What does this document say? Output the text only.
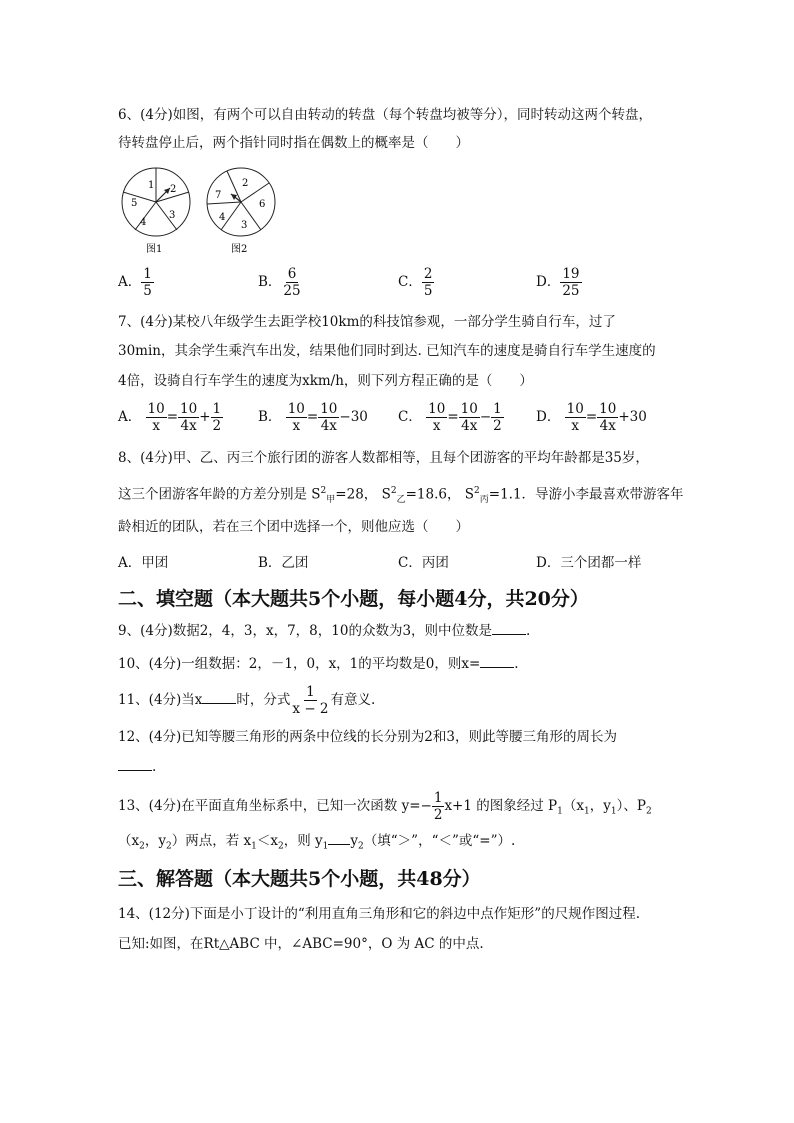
6、(4分)如图，有两个可以自由转动的转盘（每个转盘均被等分），同时转动这两个转盘，
待转盘停止后，两个指针同时指在偶数上的概率是（　　）
1 2
3
4
5
图1
2
6
3
4
7
图2
A． $\frac{1}{5}$	B． $\frac{6}{25}$	C． $\frac{2}{5}$	D． $\frac{19}{25}$
7、(4分)某校八年级学生去距学校10km的科技馆参观，一部分学生骑自行车，过了
30min，其余学生乘汽车出发，结果他们同时到达. 已知汽车的速度是骑自行车学生速度的
4倍，设骑自行车学生的速度为xkm/h，则下列方程正确的是（　　）
A． $\frac{10}{x} = \frac{10}{4x} + \frac{1}{2}$	B． $\frac{10}{x} = \frac{10}{4x} -30$ C． $\frac{10}{x} = \frac{10}{4x} - \frac{1}{2}$ D． $\frac{10}{x} = \frac{10}{4x} +30$
8、(4分)甲、乙、丙三个旅行团的游客人数都相等，且每个团游客的平均年龄都是35岁，
这三个团游客年龄的方差分别是 $S^2_甲=28$， $S^2_乙=18.6$， $S^2_丙=1.1$．导游小李最喜欢带游客年
龄相近的团队，若在三个团中选择一个，则他应选（　　）
A．甲团	B．乙团	C．丙团	D．三个团都一样
二、填空题（本大题共5个小题，每小题4分，共20分）
9、(4分)数据2，4，3，x，7，8，10的众数为3，则中位数是	.
10、(4分)一组数据：2，－1，0，x，1的平均数是0，则x=	.
11、(4分)当x	时，分式 $\frac{1}{x - 2}$ 有意义.
12、(4分)已知等腰三角形的两条中位线的长分别为2和3，则此等腰三角形的周长为
.
13、(4分)在平面直角坐标系中，已知一次函数 $y=- \frac{1}{2} x+1$ 的图象经过 $P_1(x_1$，$y_1$）、$P_2$
（$x_2$，$y_2$）两点，若 $x_1<x_2$，则 $y_1$ $y_2$（填“＞”，“＜”或“=”）.
三、解答题（本大题共5个小题，共48分）
14、(12分)下面是小丁设计的“利用直角三角形和它的斜边中点作矩形”的尺规作图过程.
已知:如图，在Rt△ABC 中，∠ABC=90°，O 为 AC 的中点.
